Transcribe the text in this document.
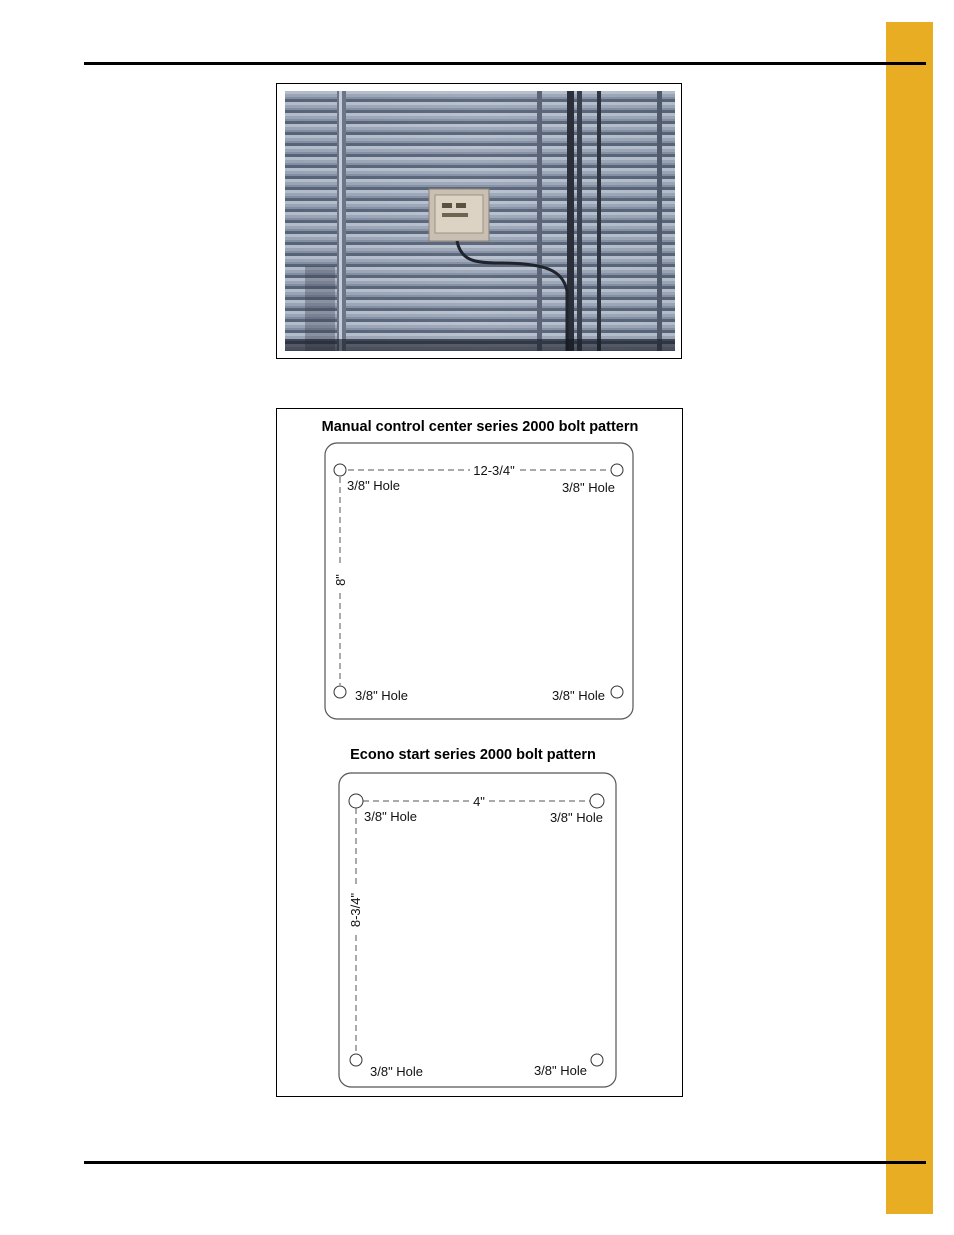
Manual control center series 2000 bolt pattern
12-3/4"
8"
3/8" Hole	3/8" Hole
3/8" Hole	3/8" Hole
Econo start series 2000 bolt pattern
4"
8-3/4"
3/8" Hole	3/8" Hole
3/8" Hole	3/8" Hole
